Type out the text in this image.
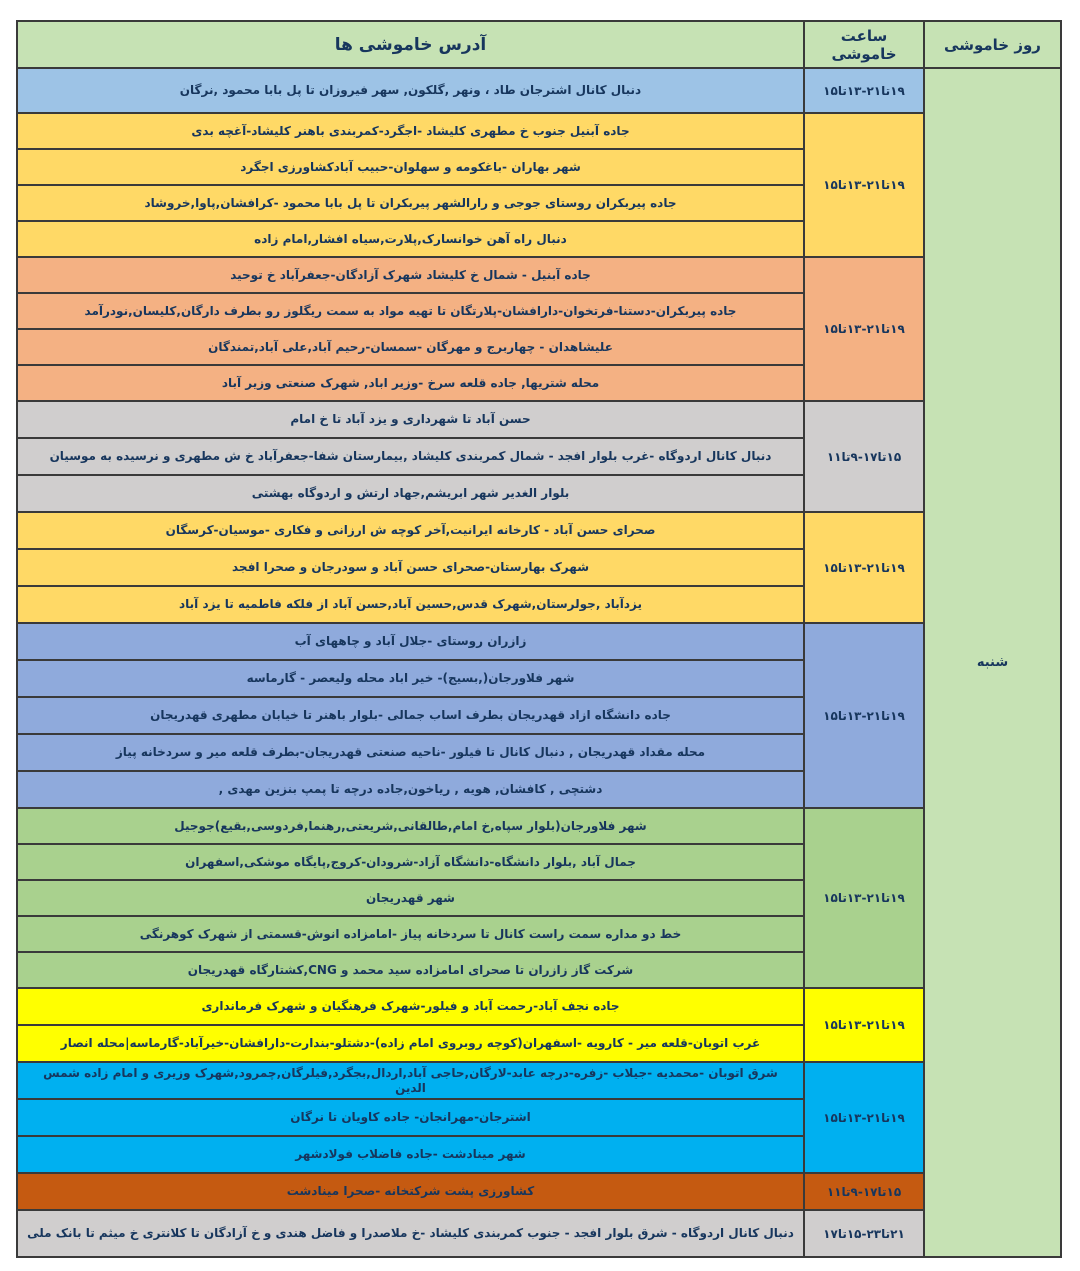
روز خاموشی	ساعت خاموشی	آدرس خاموشی ها
شنبه	۱۹تا۲۱‏-‏۱۳تا۱۵	دنبال کانال اشترجان طاد ، ونهر ,گلکون, سهر فیروزان تا پل بابا محمود ,نرگان
	۱۹تا۲۱‏-‏۱۳تا۱۵	جاده آبنیل جنوب خ مطهری کلیشاد -اجگرد-کمربندی باهنر کلیشاد-آغچه بدی
		شهر بهاران -باغکومه و سهلوان-حبیب آبادکشاورزی اجگرد
		جاده پیربکران روستای جوجی و رارالشهر پیربکران تا پل بابا محمود -کرافشان,پاوا,خروشاد
		دنبال راه آهن خوانسارک,پلارت,سیاه افشار,امام زاده
	۱۹تا۲۱‏-‏۱۳تا۱۵	جاده آبنیل - شمال خ کلیشاد شهرک آزادگان-جعفرآباد خ توحید
		جاده پیربکران-دستنا-فرتخوان-دارافشان-پلارتگان تا تهیه مواد به سمت ریگلوز رو بطرف دارگان,کلیسان,نودرآمد
		علیشاهدان - چهاربرج و مهرگان -سمسان-رحیم آباد,علی آباد,تمندگان
		محله شتریها, جاده قلعه سرخ -وزیر اباد, شهرک صنعتی وزیر آباد
	۱۵تا۱۷‏-‏۹تا۱۱	حسن آباد تا شهرداری و یزد آباد تا خ امام
		دنبال کانال اردوگاه -غرب بلوار افجد - شمال کمربندی کلیشاد ,بیمارستان شفا-جعفرآباد خ ش مطهری و نرسیده به موسیان
		بلوار الغدیر شهر ابریشم,جهاد ارتش و اردوگاه بهشتی
	۱۹تا۲۱‏-‏۱۳تا۱۵	صحرای حسن آباد - کارخانه ایرانیت,آخر کوچه ش ارزانی و فکاری -موسیان-کرسگان
		شهرک بهارستان-صحرای حسن آباد و سودرجان و صحرا افجد
		یزدآباد ,جولرستان,شهرک قدس,حسین آباد,حسن آباد از فلکه فاطمیه تا یزد آباد
	۱۹تا۲۱‏-‏۱۳تا۱۵	زازران روستای -جلال آباد و چاههای آب
		شهر فلاورجان(,بسیج)- خیر اباد محله ولیعصر - گارماسه
		جاده دانشگاه ازاد قهدریجان بطرف اساب جمالی -بلوار باهنر تا خیابان مطهری قهدریجان
		محله مقداد قهدریجان , دنبال کانال تا فیلور -ناحیه صنعتی قهدریجان-بطرف قلعه میر و سردخانه پیاز
		دشتچی , کافشان, هویه , ریاخون,جاده درچه تا پمپ بنزین مهدی ,
	۱۹تا۲۱‏-‏۱۳تا۱۵	شهر فلاورجان(بلوار سپاه,خ امام,طالقانی,شریعتی,رهنما,فردوسی,بقیع)جوجیل
		جمال آباد ,بلوار دانشگاه-دانشگاه آزاد-شرودان-کروج,پایگاه موشکی,اسفهران
		شهر قهدریجان
		خط دو مداره سمت راست کانال تا سردخانه پیاز -امامزاده انوش-قسمتی از شهرک کوهرنگی
		شرکت گاز زازران تا صحرای امامزاده سید محمد و CNG,کشتارگاه قهدریجان
	۱۹تا۲۱‏-‏۱۳تا۱۵	جاده نجف آباد-رحمت آباد و فیلور-شهرک فرهنگیان و شهرک فرمانداری
		غرب اتوبان-قلعه میر - کارویه -اسفهران(کوچه روبروی امام زاده)-دشتلو-بندارت-دارافشان-خیرآباد-گارماسه|محله انصار
	۱۹تا۲۱‏-‏۱۳تا۱۵	شرق اتوبان -محمدیه -جیلاب -زفره-درچه عابد-لارگان,حاجی آباد,اردال,بجگرد,فیلرگان,چمرود,شهرک وزیری و امام زاده شمس الدین
		اشترجان-مهرانجان- جاده کاویان تا نرگان
		شهر مینادشت -جاده فاضلاب فولادشهر
	۱۵تا۱۷‏-‏۹تا۱۱	کشاورزی پشت شرکتخانه -صحرا مینادشت
	۲۱تا۲۳‏-‏۱۵تا۱۷	دنبال کانال اردوگاه - شرق بلوار افجد - جنوب کمربندی کلیشاد -خ ملاصدرا و فاضل هندی و خ آزادگان تا کلانتری خ میثم تا بانک ملی
